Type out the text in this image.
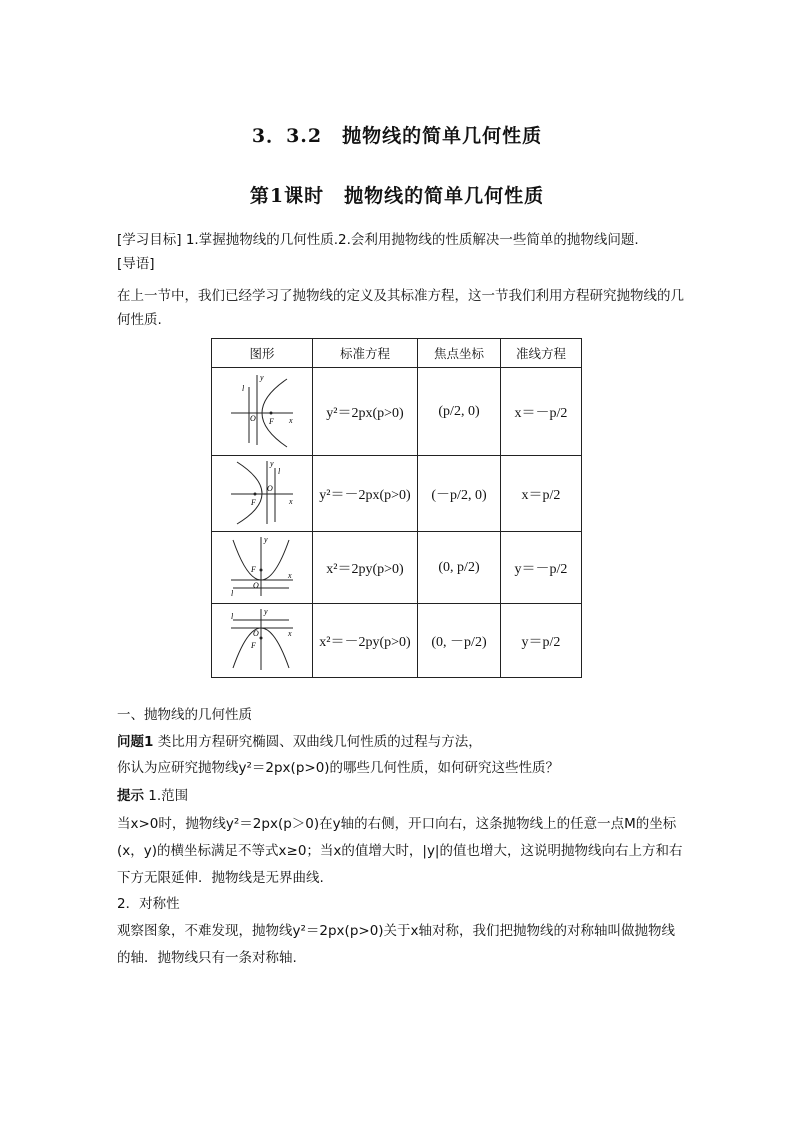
3．3.2　抛物线的简单几何性质
第1课时　抛物线的简单几何性质
[学习目标] 1.掌握抛物线的几何性质.2.会利用抛物线的性质解决一些简单的抛物线问题.
[导语]
在上一节中，我们已经学习了抛物线的定义及其标准方程，这一节我们利用方程研究抛物线的几何性质.
图形	标准方程	焦点坐标	准线方程

y
x
O F
l	y²＝2px(p>0)	(p/2, 0)	x＝－p/2

y
x
O
F
l	y²＝－2px(p>0)	(－p/2, 0)	x＝p/2

y
x
O
F
l	x²＝2py(p>0)	(0, p/2)	y＝－p/2

y
x
O
F
l	x²＝－2py(p>0)	(0, －p/2)	y＝p/2
一、抛物线的几何性质
问题1 类比用方程研究椭圆、双曲线几何性质的过程与方法，
你认为应研究抛物线y²＝2px(p>0)的哪些几何性质，如何研究这些性质？
提示 1.范围
当x>0时，抛物线y²＝2px(p＞0)在y轴的右侧，开口向右，这条抛物线上的任意一点M的坐标(x，y)的横坐标满足不等式x≥0；当x的值增大时，|y|的值也增大，这说明抛物线向右上方和右下方无限延伸．抛物线是无界曲线.
2．对称性
观察图象，不难发现，抛物线y²＝2px(p>0)关于x轴对称，我们把抛物线的对称轴叫做抛物线的轴．抛物线只有一条对称轴.
